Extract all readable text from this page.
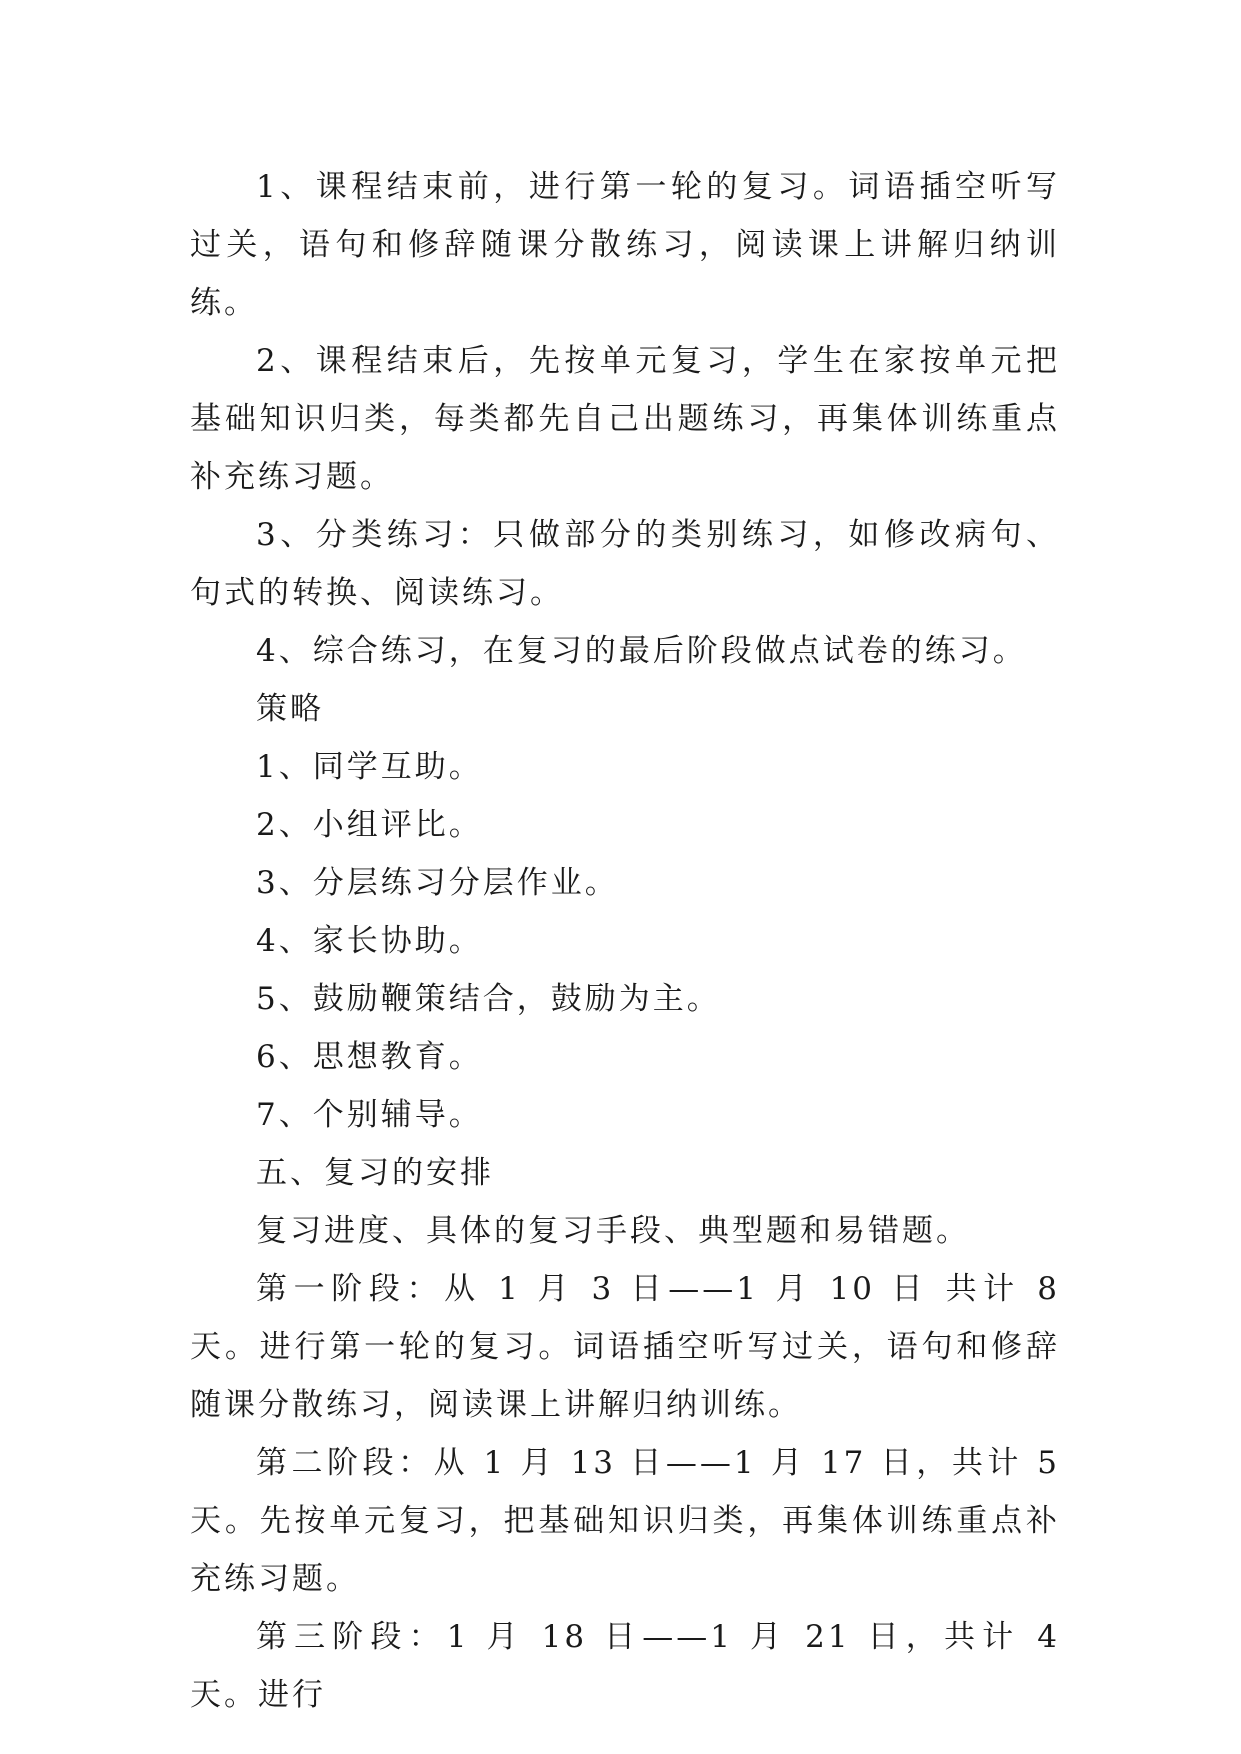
1、课程结束前，进行第一轮的复习。词语插空听写过关，语句和修辞随课分散练习，阅读课上讲解归纳训练。

2、课程结束后，先按单元复习，学生在家按单元把基础知识归类，每类都先自己出题练习，再集体训练重点补充练习题。

3、分类练习：只做部分的类别练习，如修改病句、句式的转换、阅读练习。

4、综合练习，在复习的最后阶段做点试卷的练习。

策略

1、同学互助。

2、小组评比。

3、分层练习分层作业。

4、家长协助。

5、鼓励鞭策结合，鼓励为主。

6、思想教育。

7、个别辅导。

五、复习的安排

复习进度、具体的复习手段、典型题和易错题。

第一阶段：从 1 月 3 日——1 月 10 日 共计 8 天。进行第一轮的复习。词语插空听写过关，语句和修辞随课分散练习，阅读课上讲解归纳训练。

第二阶段：从 1 月 13 日——1 月 17 日，共计 5 天。先按单元复习，把基础知识归类，再集体训练重点补充练习题。

第三阶段：1 月 18 日——1 月 21 日，共计 4 天。进行
